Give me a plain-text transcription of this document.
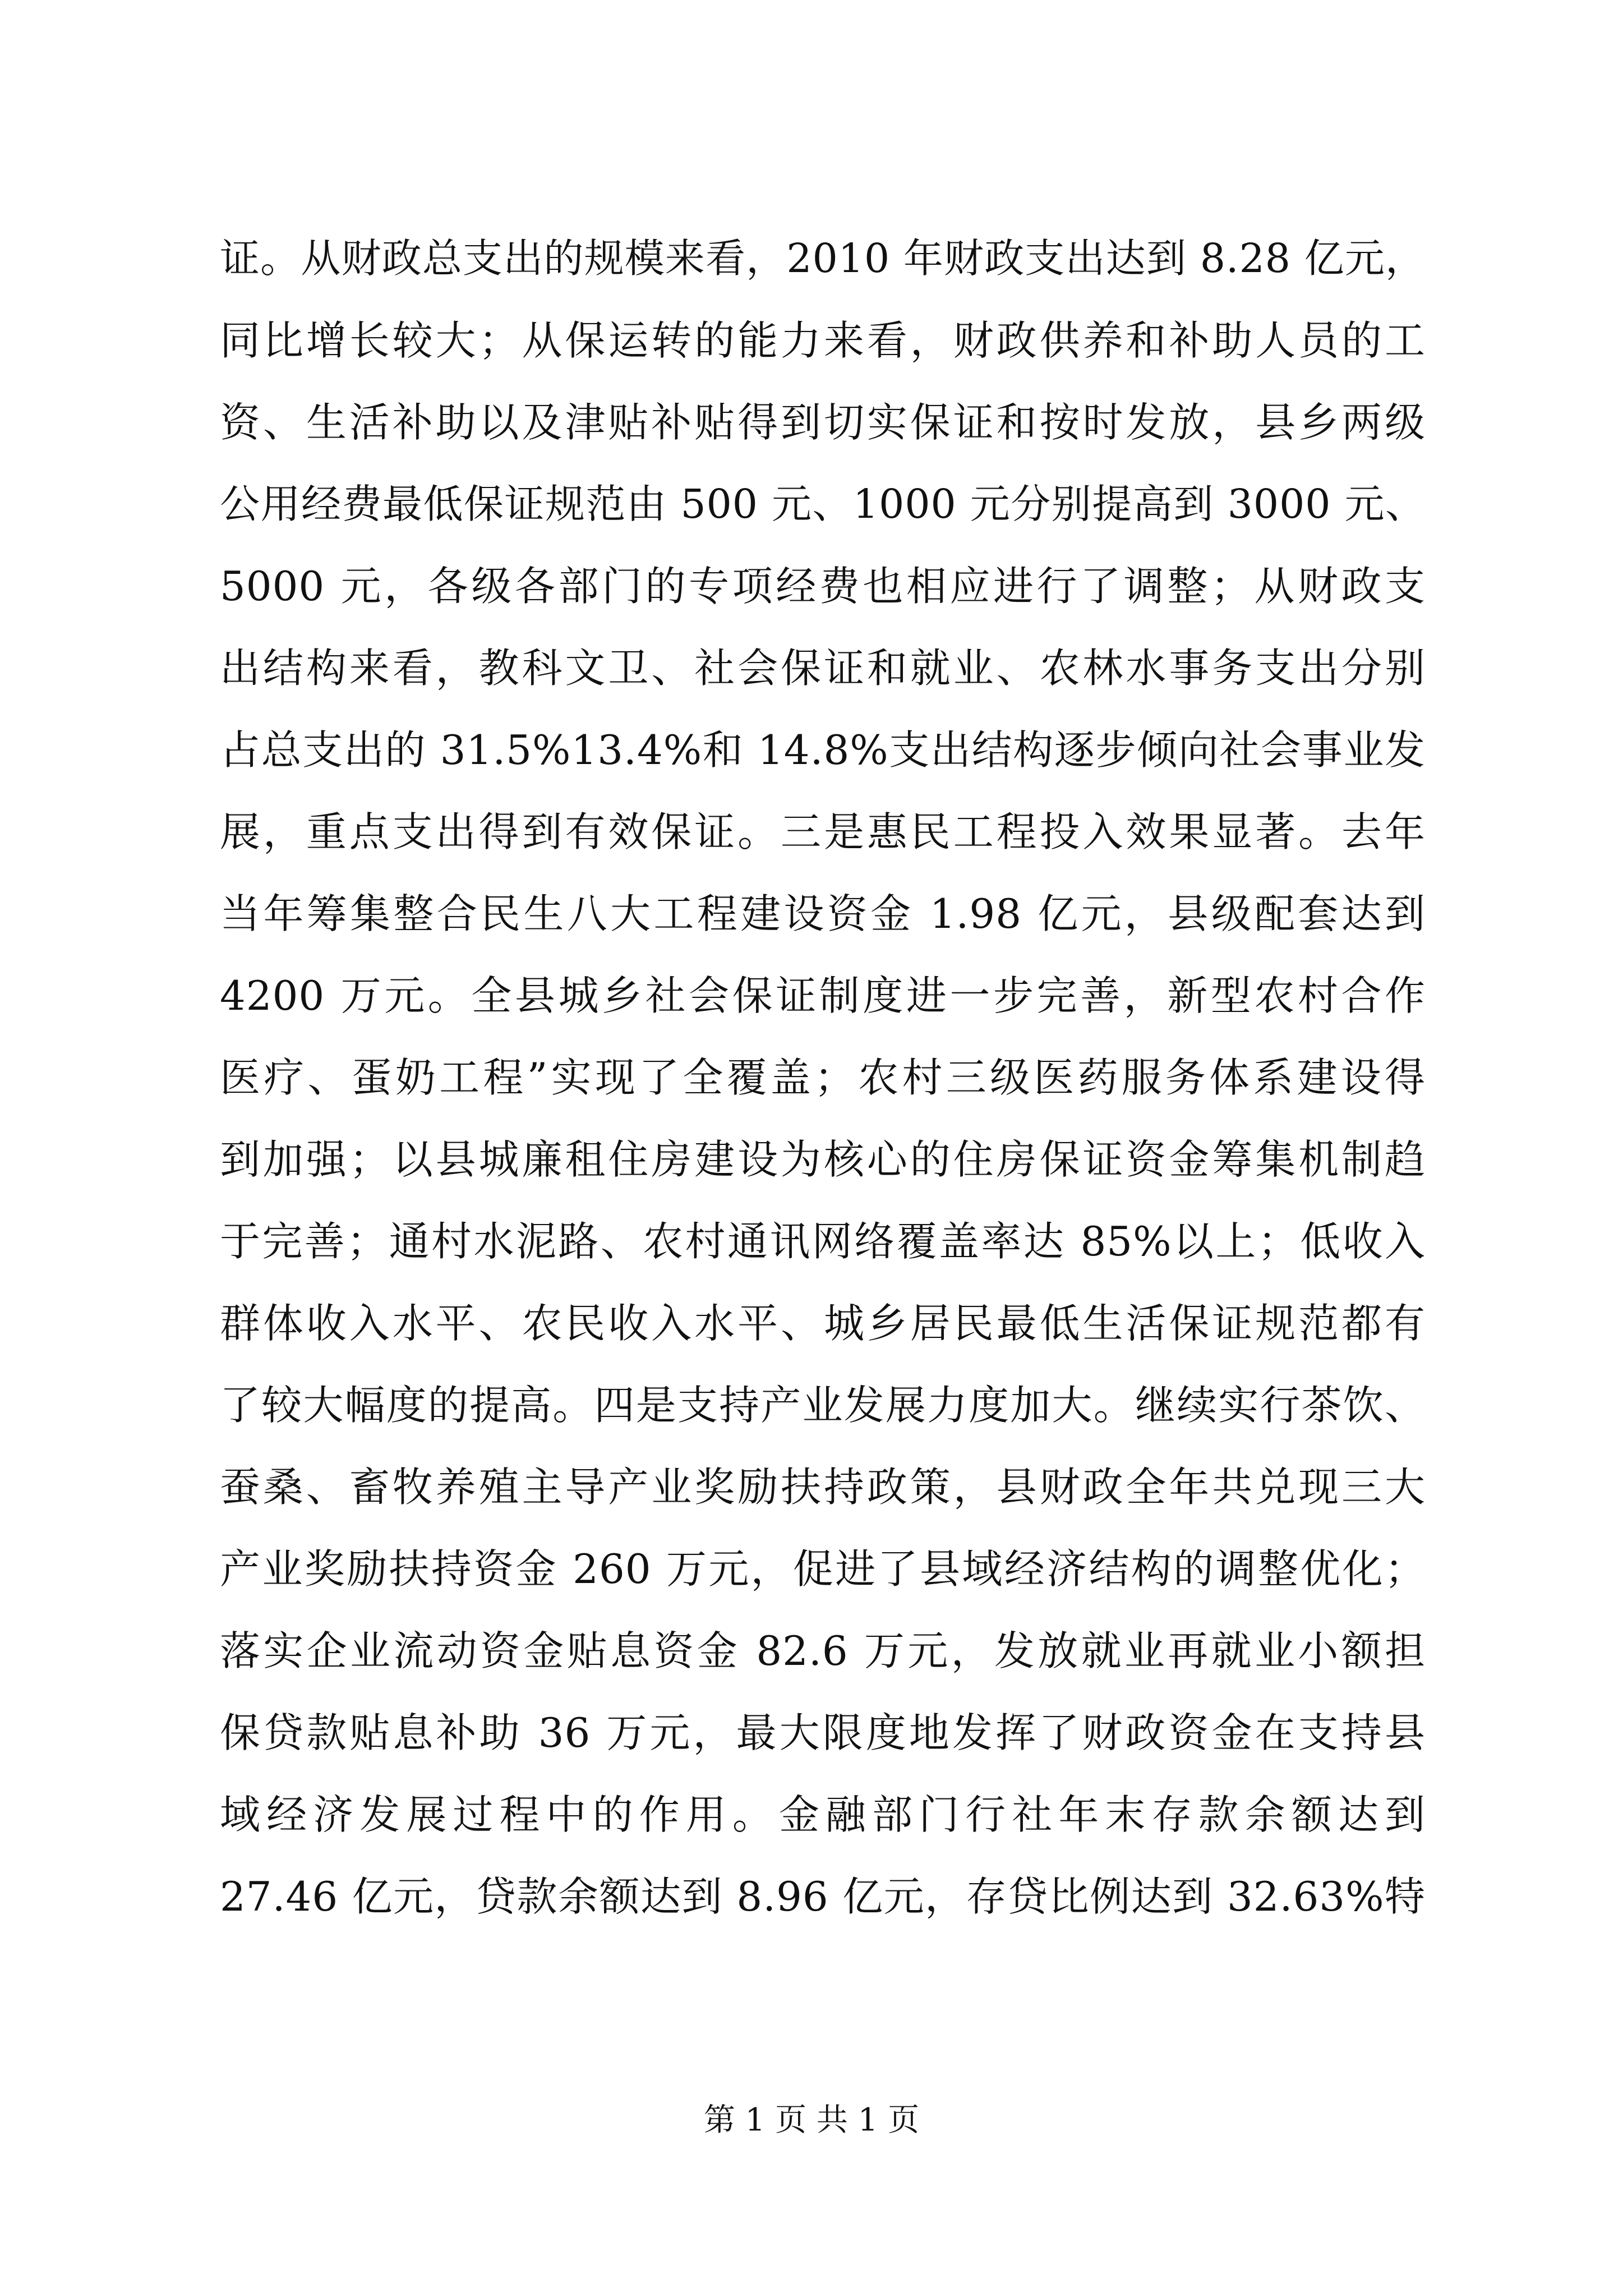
证。从财政总支出的规模来看，2010 年财政支出达到 8.28 亿元，
同比增长较大；从保运转的能力来看，财政供养和补助人员的工
资、生活补助以及津贴补贴得到切实保证和按时发放，县乡两级
公用经费最低保证规范由 500 元、1000 元分别提高到 3000 元、
5000 元，各级各部门的专项经费也相应进行了调整；从财政支
出结构来看，教科文卫、社会保证和就业、农林水事务支出分别
占总支出的 31.5%13.4%和 14.8%支出结构逐步倾向社会事业发
展，重点支出得到有效保证。三是惠民工程投入效果显著。去年
当年筹集整合民生八大工程建设资金 1.98 亿元，县级配套达到
4200 万元。全县城乡社会保证制度进一步完善，新型农村合作
医疗、蛋奶工程”实现了全覆盖；农村三级医药服务体系建设得
到加强；以县城廉租住房建设为核心的住房保证资金筹集机制趋
于完善；通村水泥路、农村通讯网络覆盖率达 85%以上；低收入
群体收入水平、农民收入水平、城乡居民最低生活保证规范都有
了较大幅度的提高。四是支持产业发展力度加大。继续实行茶饮、
蚕桑、畜牧养殖主导产业奖励扶持政策，县财政全年共兑现三大
产业奖励扶持资金 260 万元，促进了县域经济结构的调整优化；
落实企业流动资金贴息资金 82.6 万元，发放就业再就业小额担
保贷款贴息补助 36 万元，最大限度地发挥了财政资金在支持县
域经济发展过程中的作用。金融部门行社年末存款余额达到
27.46 亿元，贷款余额达到 8.96 亿元，存贷比例达到 32.63%特
第 1 页 共 1 页
